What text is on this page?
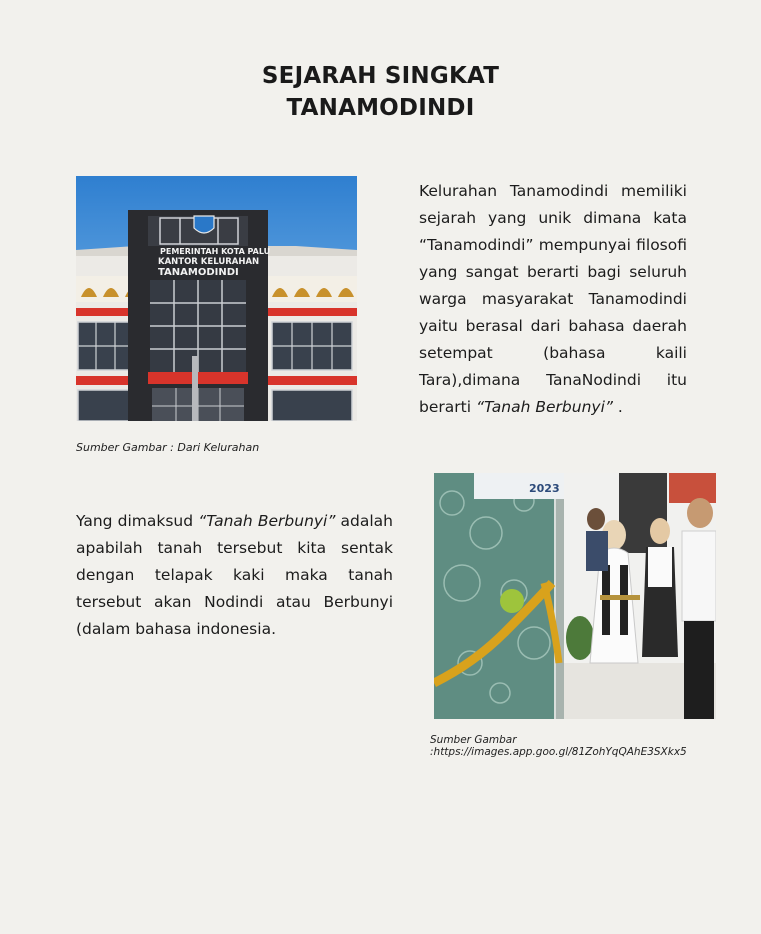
SEJARAH SINGKAT
TANAMODINDI
PEMERINTAH KOTA PALU
KANTOR KELURAHAN
TANAMODINDI
Kelurahan Tanamodindi memiliki sejarah yang unik dimana kata “Tanamodindi” mempunyai filosofi yang sangat berarti bagi seluruh warga masyarakat Tanamodindi yaitu berasal dari bahasa daerah setempat (bahasa kaili Tara),dimana TanaNodindi itu berarti “Tanah Berbunyi” .
Sumber Gambar : Dari Kelurahan
Yang dimaksud “Tanah Berbunyi” adalah apabilah tanah tersebut kita sentak dengan telapak kaki maka tanah tersebut akan Nodindi atau Berbunyi (dalam bahasa indonesia.
2023
Sumber Gambar :https://images.app.goo.gl/81ZohYqQAhE3SXkx5
